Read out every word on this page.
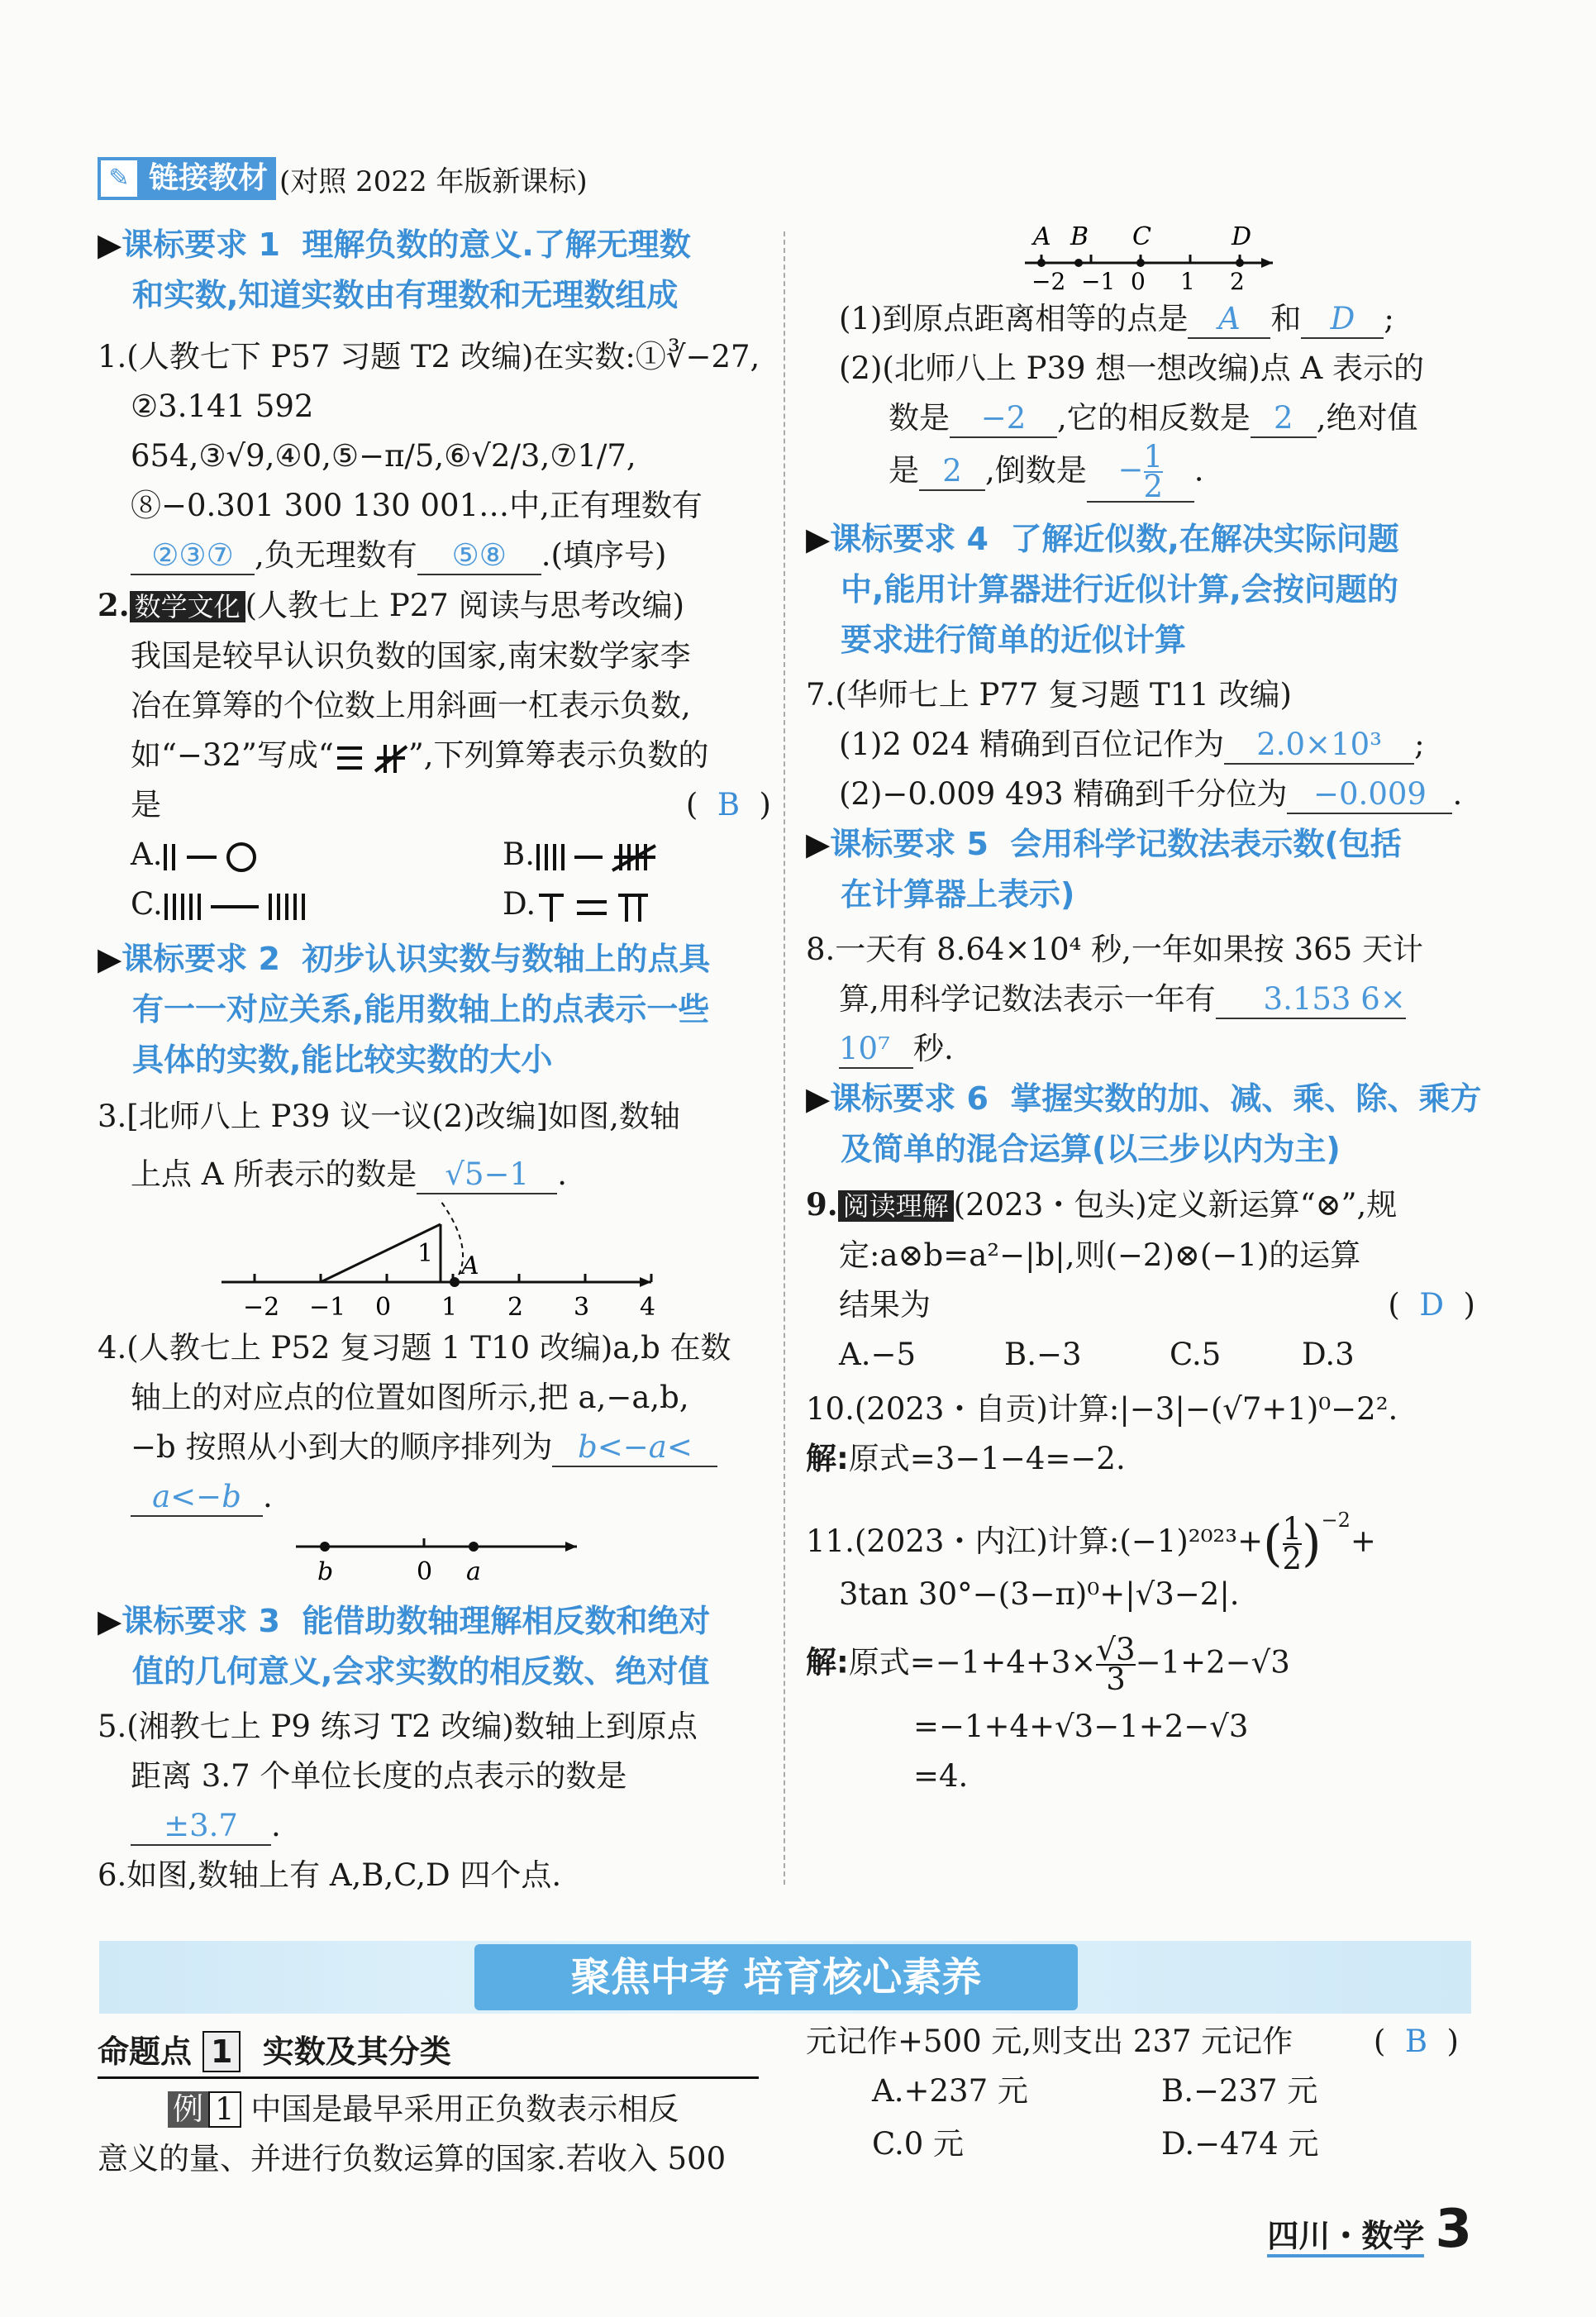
✎ 链接教材 (对照 2022 年版新课标)
▶课标要求 1 理解负数的意义.了解无理数
和实数,知道实数由有理数和无理数组成
1.(人教七下 P57 习题 T2 改编)在实数:①∛−27,
②3.141 592 654,③√9,④0,⑤−π/5,⑥√2/3,⑦1/7,
⑧−0.301 300 130 001…中,正有理数有
②③⑦ ,负无理数有 ⑤⑧ .(填序号)
2. 数学文化 (人教七上 P27 阅读与思考改编)
我国是较早认识负数的国家,南宋数学家李
冶在算筹的个位数上用斜画一杠表示负数,
如“−32”写成“ ”,下列算筹表示负数的
是	(  B  )
A.	B.
C.	D.
▶课标要求 2 初步认识实数与数轴上的点具
有一一对应关系,能用数轴上的点表示一些
具体的实数,能比较实数的大小
3.[北师八上 P39 议一议(2)改编]如图,数轴
上点 A 所表示的数是 √5−1 .
1 A
−2 −1 0 1 2 3 4
4.(人教七上 P52 复习题 1 T10 改编)a,b 在数
轴上的对应点的位置如图所示,把 a,−a,b,
−b 按照从小到大的顺序排列为 b<−a<
a<−b .
b	0 a
▶课标要求 3 能借助数轴理解相反数和绝对
值的几何意义,会求实数的相反数、绝对值
5.(湘教七上 P9 练习 T2 改编)数轴上到原点
距离 3.7 个单位长度的点表示的数是
±3.7 .
6.如图,数轴上有 A,B,C,D 四个点.
−2 −1 0 1 2
A B C	D
(1)到原点距离相等的点是 A 和 D ;
(2)(北师八上 P39 想一想改编)点 A 表示的
数是 −2 ,它的相反数是 2 ,绝对值
是 2 ,倒数是 − $\frac{1}{2}$ .
▶课标要求 4 了解近似数,在解决实际问题
中,能用计算器进行近似计算,会按问题的
要求进行简单的近似计算
7.(华师七上 P77 复习题 T11 改编)
(1)2 024 精确到百位记作为 2.0×10³ ;
(2)−0.009 493 精确到千分位为 −0.009 .
▶课标要求 5 会用科学记数法表示数(包括
在计算器上表示)
8.一天有 8.64×10⁴ 秒,一年如果按 365 天计
算,用科学记数法表示一年有 3.153 6×
10⁷ 秒.
▶课标要求 6 掌握实数的加、减、乘、除、乘方
及简单的混合运算(以三步以内为主)
9. 阅读理解 (2023・包头)定义新运算“⊗”,规
定:a⊗b=a²−|b|,则(−2)⊗(−1)的运算
结果为	(  D  )
A.−5	B.−3	C.5	D.3
10.(2023・自贡)计算:|−3|−(√7+1)⁰−2².
解:原式=3−1−4=−2.
11.(2023・内江)计算:(−1)²⁰²³+( $\frac{1}{2} )^{-2}+$
3tan 30°−(3−π)⁰+|√3−2|.
解:原式$=-1+4+3\times \frac{√3}{3} -1+2-√3$
=−1+4+√3−1+2−√3
=4.
聚焦中考 培育核心素养
命题点 1 实数及其分类
例 1 中国是最早采用正负数表示相反
意义的量、并进行负数运算的国家.若收入 500
元记作+500 元,则支出 237 元记作	(  B  )
A.+237 元	B.−237 元
C.0 元	D.−474 元
四川・数学 3
